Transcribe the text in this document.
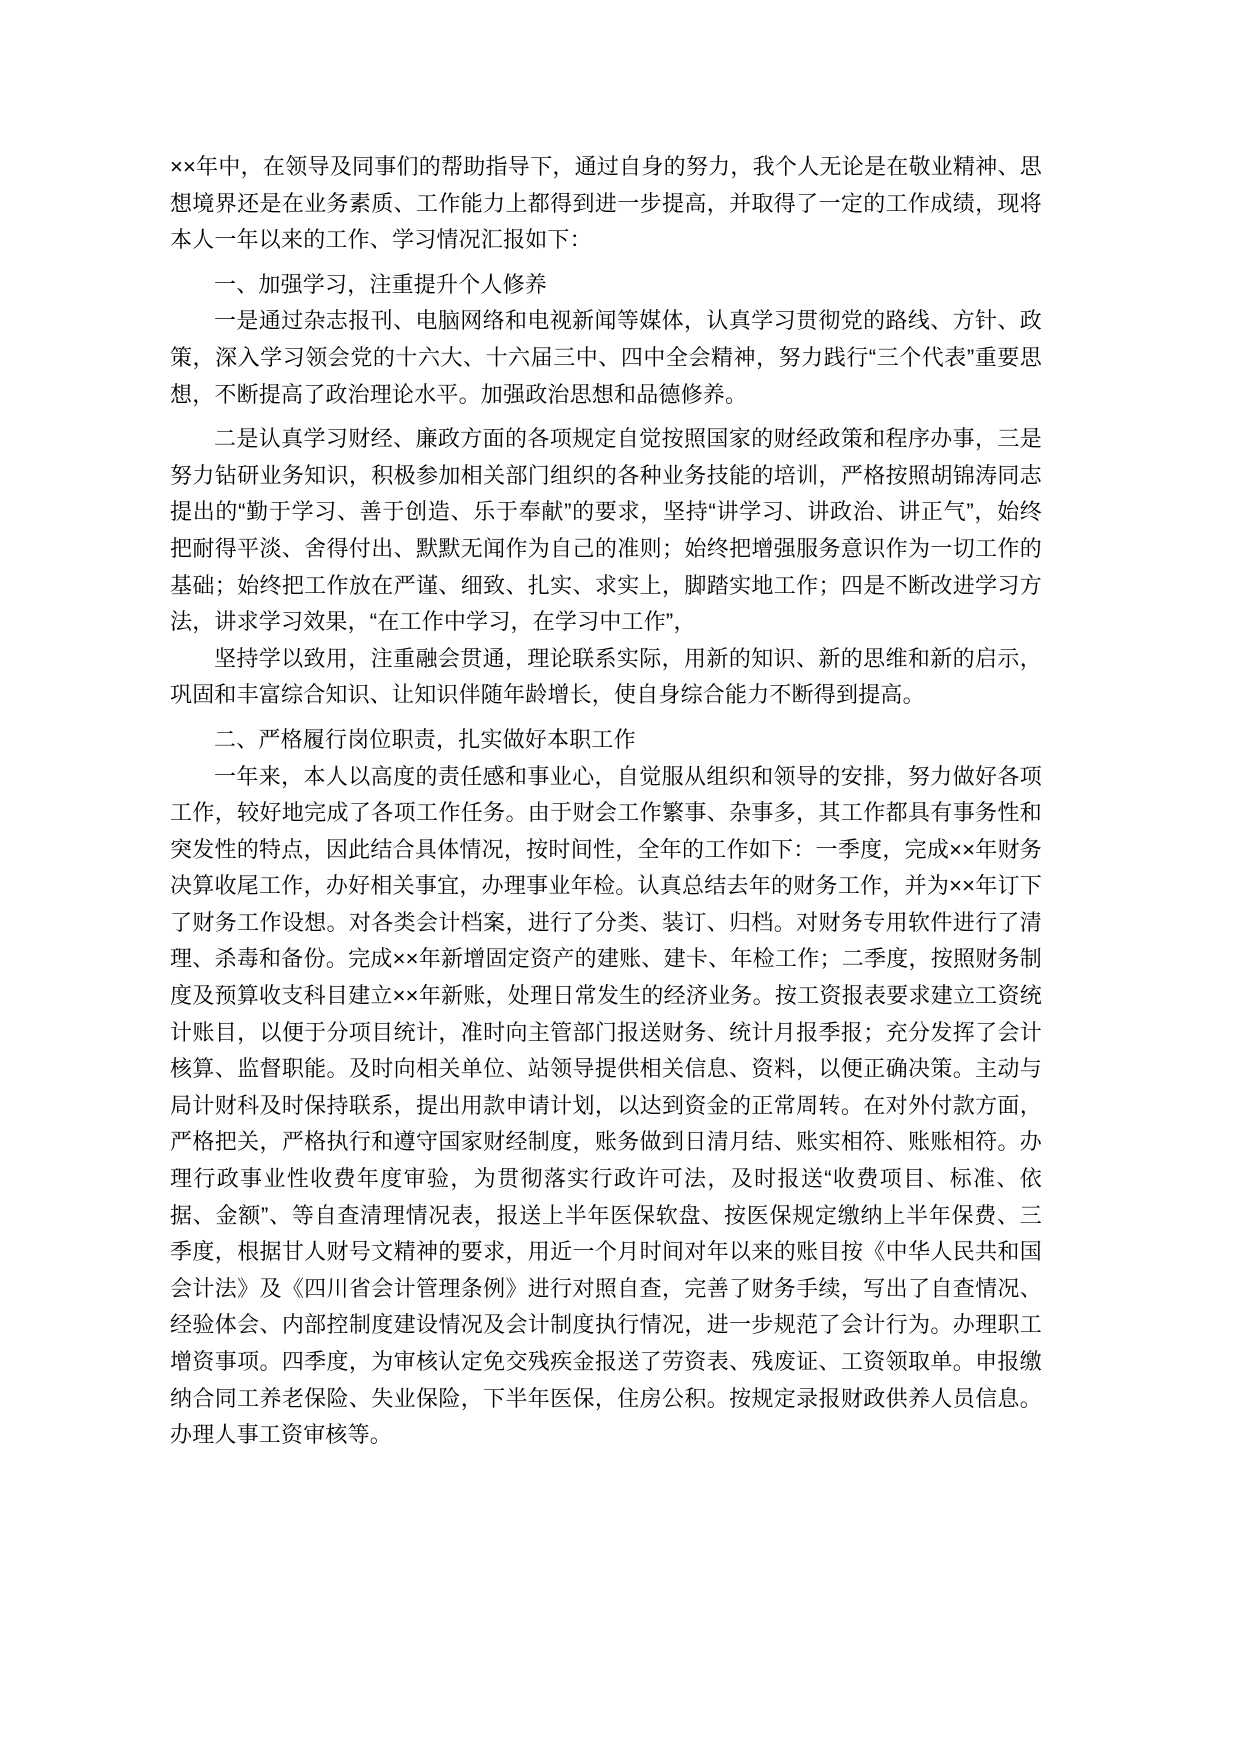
××年中，在领导及同事们的帮助指导下，通过自身的努力，我个人无论是在敬业精神、思想境界还是在业务素质、工作能力上都得到进一步提高，并取得了一定的工作成绩，现将本人一年以来的工作、学习情况汇报如下：

一、加强学习，注重提升个人修养

一是通过杂志报刊、电脑网络和电视新闻等媒体，认真学习贯彻党的路线、方针、政策，深入学习领会党的十六大、十六届三中、四中全会精神，努力践行“三个代表”重要思想，不断提高了政治理论水平。加强政治思想和品德修养。

二是认真学习财经、廉政方面的各项规定自觉按照国家的财经政策和程序办事，三是努力钻研业务知识，积极参加相关部门组织的各种业务技能的培训，严格按照胡锦涛同志提出的“勤于学习、善于创造、乐于奉献”的要求，坚持“讲学习、讲政治、讲正气”，始终把耐得平淡、舍得付出、默默无闻作为自己的准则；始终把增强服务意识作为一切工作的基础；始终把工作放在严谨、细致、扎实、求实上，脚踏实地工作；四是不断改进学习方法，讲求学习效果，“在工作中学习，在学习中工作”，

坚持学以致用，注重融会贯通，理论联系实际，用新的知识、新的思维和新的启示，巩固和丰富综合知识、让知识伴随年龄增长，使自身综合能力不断得到提高。

二、严格履行岗位职责，扎实做好本职工作

一年来，本人以高度的责任感和事业心，自觉服从组织和领导的安排，努力做好各项工作，较好地完成了各项工作任务。由于财会工作繁事、杂事多，其工作都具有事务性和突发性的特点，因此结合具体情况，按时间性，全年的工作如下：一季度，完成××年财务决算收尾工作，办好相关事宜，办理事业年检。认真总结去年的财务工作，并为××年订下了财务工作设想。对各类会计档案，进行了分类、装订、归档。对财务专用软件进行了清理、杀毒和备份。完成××年新增固定资产的建账、建卡、年检工作；二季度，按照财务制度及预算收支科目建立××年新账，处理日常发生的经济业务。按工资报表要求建立工资统计账目，以便于分项目统计，准时向主管部门报送财务、统计月报季报；充分发挥了会计核算、监督职能。及时向相关单位、站领导提供相关信息、资料，以便正确决策。主动与局计财科及时保持联系，提出用款申请计划，以达到资金的正常周转。在对外付款方面，严格把关，严格执行和遵守国家财经制度，账务做到日清月结、账实相符、账账相符。办理行政事业性收费年度审验，为贯彻落实行政许可法，及时报送“收费项目、标准、依据、金额”、等自查清理情况表，报送上半年医保软盘、按医保规定缴纳上半年保费、三季度，根据甘人财号文精神的要求，用近一个月时间对年以来的账目按《中华人民共和国会计法》及《四川省会计管理条例》进行对照自查，完善了财务手续，写出了自查情况、经验体会、内部控制度建设情况及会计制度执行情况，进一步规范了会计行为。办理职工增资事项。四季度，为审核认定免交残疾金报送了劳资表、残废证、工资领取单。申报缴纳合同工养老保险、失业保险，下半年医保，住房公积。按规定录报财政供养人员信息。办理人事工资审核等。
